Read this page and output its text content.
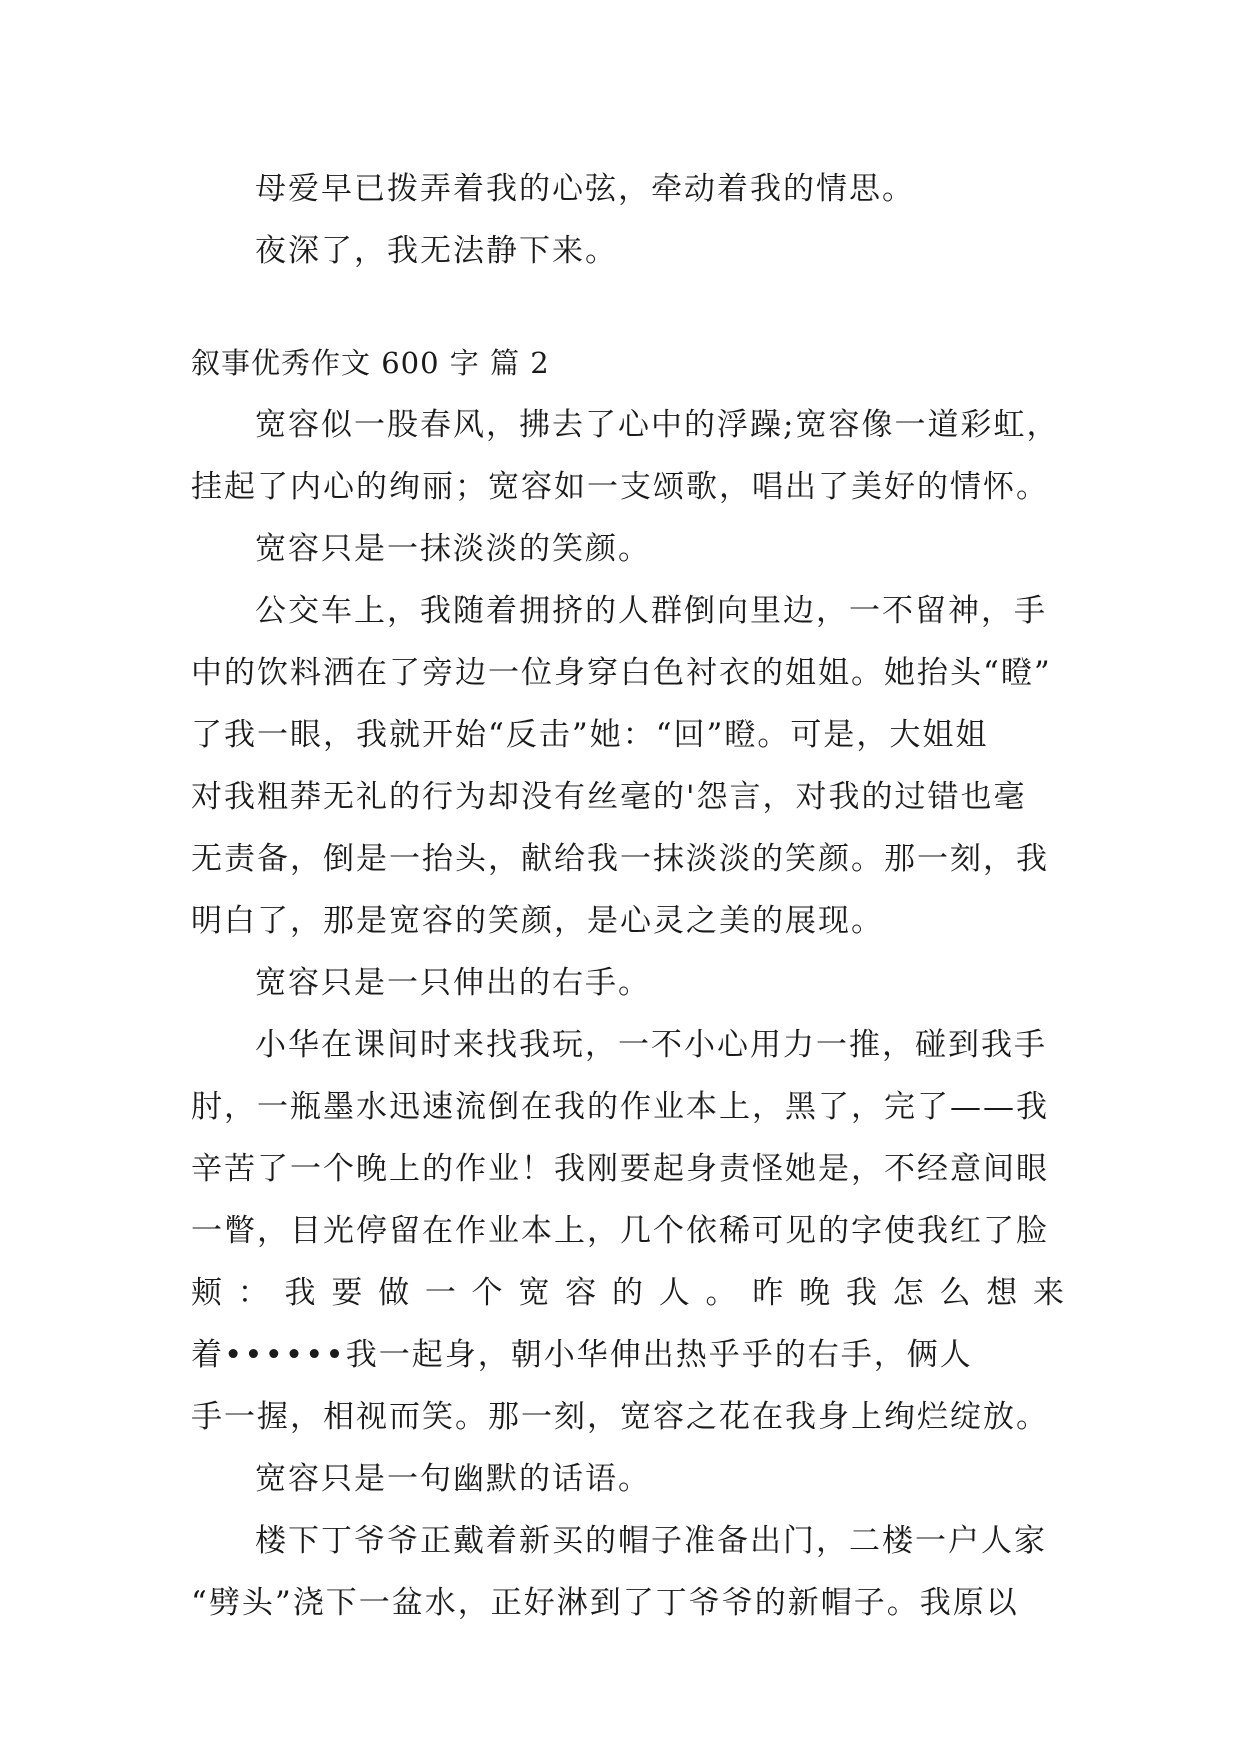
母爱早已拨弄着我的心弦，牵动着我的情思。
夜深了，我无法静下来。
叙事优秀作文 600 字 篇 2
宽容似一股春风，拂去了心中的浮躁;宽容像一道彩虹，
挂起了内心的绚丽；宽容如一支颂歌，唱出了美好的情怀。
宽容只是一抹淡淡的笑颜。
公交车上，我随着拥挤的人群倒向里边，一不留神，手
中的饮料洒在了旁边一位身穿白色衬衣的姐姐。她抬头“瞪”
了我一眼，我就开始“反击”她：“回”瞪。可是，大姐姐
对我粗莽无礼的行为却没有丝毫的'怨言，对我的过错也毫
无责备，倒是一抬头，献给我一抹淡淡的笑颜。那一刻，我
明白了，那是宽容的笑颜，是心灵之美的展现。
宽容只是一只伸出的右手。
小华在课间时来找我玩，一不小心用力一推，碰到我手
肘，一瓶墨水迅速流倒在我的作业本上，黑了，完了——我
辛苦了一个晚上的作业！我刚要起身责怪她是，不经意间眼
一瞥，目光停留在作业本上，几个依稀可见的字使我红了脸
颊：我要做一个宽容的人。昨晚我怎么想来
着••••••我一起身，朝小华伸出热乎乎的右手，俩人
手一握，相视而笑。那一刻，宽容之花在我身上绚烂绽放。
宽容只是一句幽默的话语。
楼下丁爷爷正戴着新买的帽子准备出门，二楼一户人家
“劈头”浇下一盆水，正好淋到了丁爷爷的新帽子。我原以
